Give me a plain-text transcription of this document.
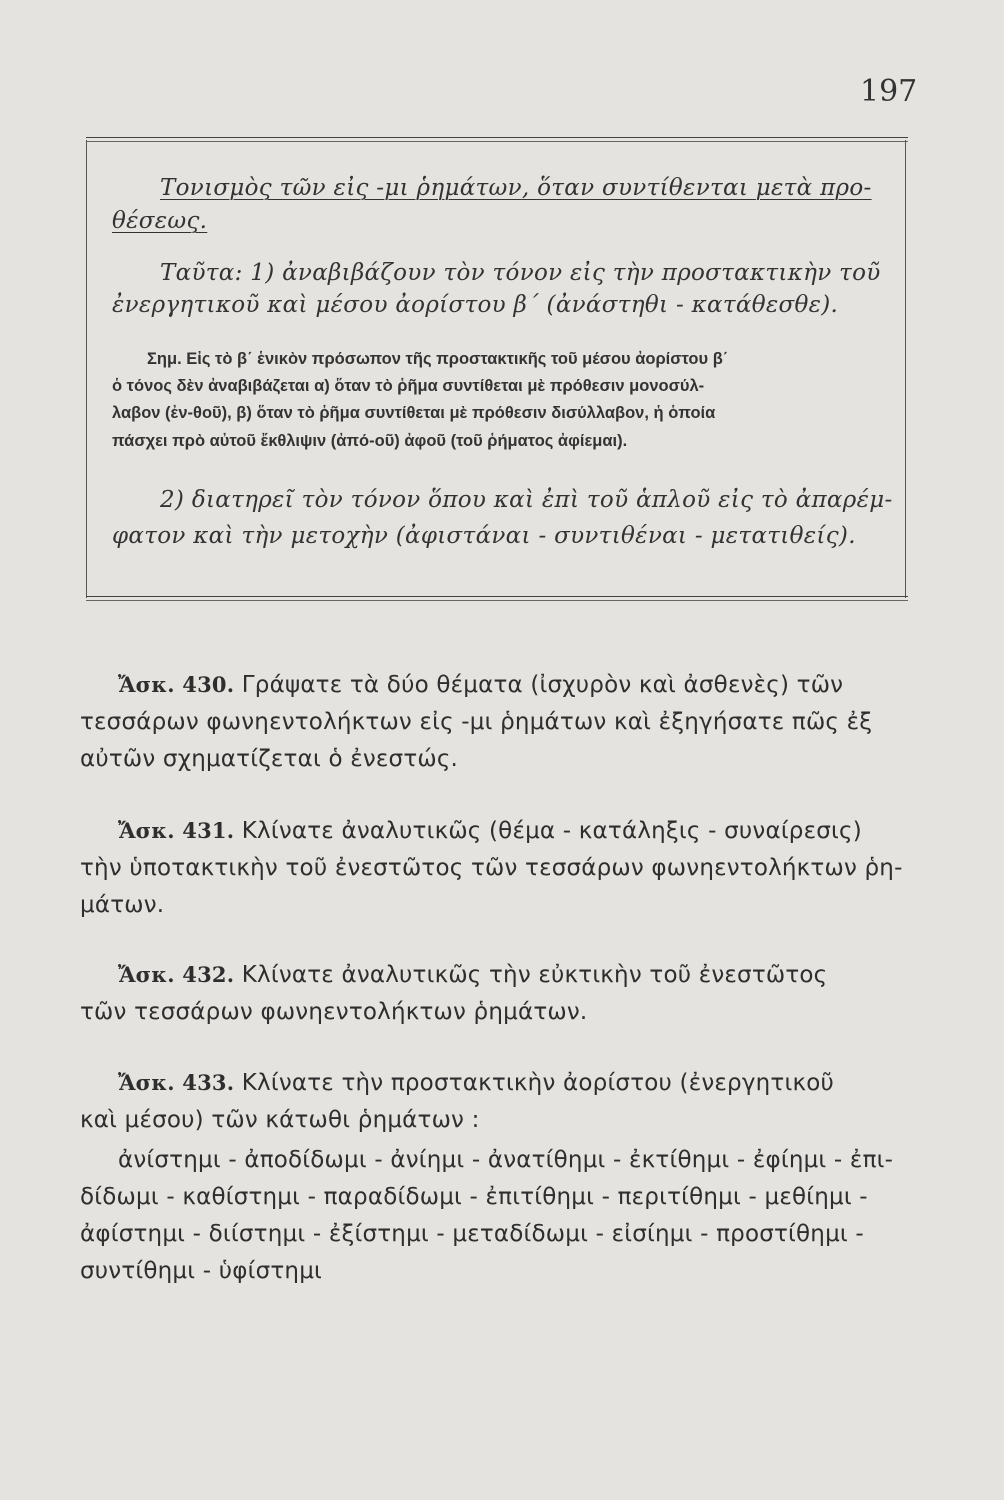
197
Τονισμὸς τῶν εἰς -μι ῥημάτων, ὅταν συντίθενται μετὰ προ-
θέσεως.
Ταῦτα: 1) ἀναβιβάζουν τὸν τόνον εἰς τὴν προστακτικὴν τοῦ
ἐνεργητικοῦ καὶ μέσου ἀορίστου β΄ (ἀνάστηθι - κατάθεσθε).
Σημ. Εἰς τὸ β΄ ἑνικὸν πρόσωπον τῆς προστακτικῆς τοῦ μέσου ἀορίστου β΄
ὁ τόνος δὲν ἀναβιβάζεται α) ὅταν τὸ ῥῆμα συντίθεται μὲ πρόθεσιν μονοσύλ-
λαβον (ἐν-θοῦ), β) ὅταν τὸ ῥῆμα συντίθεται μὲ πρόθεσιν δισύλλαβον, ἡ ὁποία
πάσχει πρὸ αὐτοῦ ἔκθλιψιν (ἀπό-οῦ) ἀφοῦ (τοῦ ῥήματος ἀφίεμαι).
2) διατηρεῖ τὸν τόνον ὅπου καὶ ἐπὶ τοῦ ἁπλοῦ εἰς τὸ ἀπαρέμ-
φατον καὶ τὴν μετοχὴν (ἀφιστάναι - συντιθέναι - μετατιθείς).
Ἄσκ. 430. Γράψατε τὰ δύο θέματα (ἰσχυρὸν καὶ ἀσθενὲς) τῶν
τεσσάρων φωνηεντολήκτων εἰς -μι ῥημάτων καὶ ἐξηγήσατε πῶς ἐξ
αὐτῶν σχηματίζεται ὁ ἐνεστώς.
Ἄσκ. 431. Κλίνατε ἀναλυτικῶς (θέμα - κατάληξις - συναίρεσις)
τὴν ὑποτακτικὴν τοῦ ἐνεστῶτος τῶν τεσσάρων φωνηεντολήκτων ῥη-
μάτων.
Ἄσκ. 432. Κλίνατε ἀναλυτικῶς τὴν εὐκτικὴν τοῦ ἐνεστῶτος
τῶν τεσσάρων φωνηεντολήκτων ῥημάτων.
Ἄσκ. 433. Κλίνατε τὴν προστακτικὴν ἀορίστου (ἐνεργητικοῦ
καὶ μέσου) τῶν κάτωθι ῥημάτων :
ἀνίστημι - ἀποδίδωμι - ἀνίημι - ἀνατίθημι - ἐκτίθημι - ἐφίημι - ἐπι-
δίδωμι - καθίστημι - παραδίδωμι - ἐπιτίθημι - περιτίθημι - μεθίημι -
ἀφίστημι - διίστημι - ἐξίστημι - μεταδίδωμι - εἰσίημι - προστίθημι -
συντίθημι - ὑφίστημι
